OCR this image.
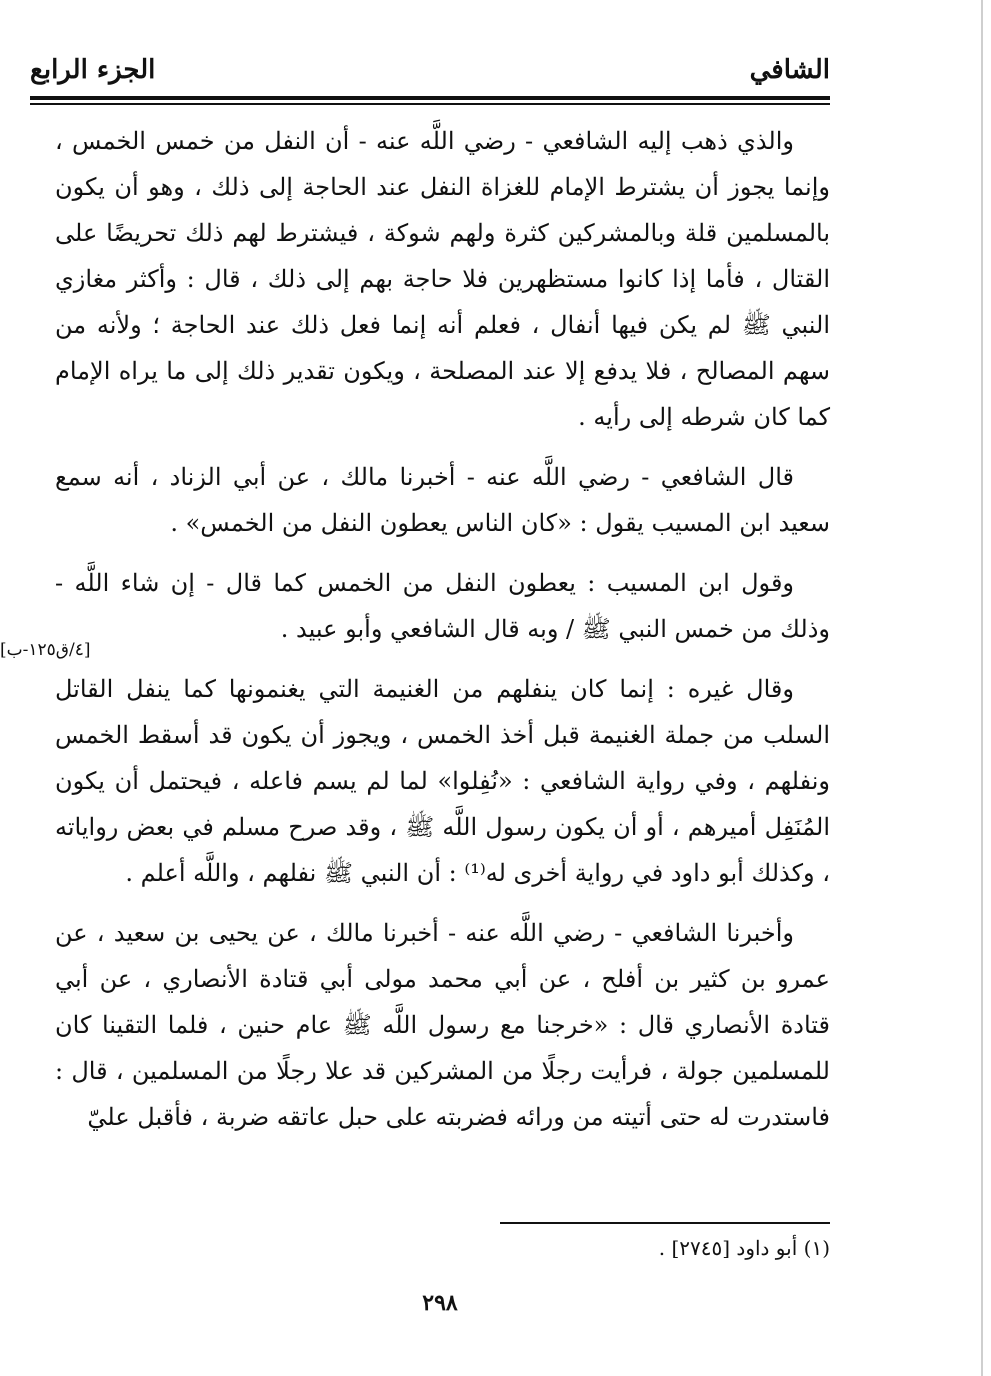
الشافي
الجزء الرابع

والذي ذهب إليه الشافعي - رضي اللَّه عنه - أن النفل من خمس الخمس ، وإنما يجوز أن يشترط الإمام للغزاة النفل عند الحاجة إلى ذلك ، وهو أن يكون بالمسلمين قلة وبالمشركين كثرة ولهم شوكة ، فيشترط لهم ذلك تحريضًا على القتال ، فأما إذا كانوا مستظهرين فلا حاجة بهم إلى ذلك ، قال : وأكثر مغازي النبي ﷺ لم يكن فيها أنفال ، فعلم أنه إنما فعل ذلك عند الحاجة ؛ ولأنه من سهم المصالح ، فلا يدفع إلا عند المصلحة ، ويكون تقدير ذلك إلى ما يراه الإمام كما كان شرطه إلى رأيه .

قال الشافعي - رضي اللَّه عنه - أخبرنا مالك ، عن أبي الزناد ، أنه سمع سعيد ابن المسيب يقول : «كان الناس يعطون النفل من الخمس» .

وقول ابن المسيب : يعطون النفل من الخمس كما قال - إن شاء اللَّه - وذلك من خمس النبي ﷺ / وبه قال الشافعي وأبو عبيد .

وقال غيره : إنما كان ينفلهم من الغنيمة التي يغنمونها كما ينفل القاتل السلب من جملة الغنيمة قبل أخذ الخمس ، ويجوز أن يكون قد أسقط الخمس ونفلهم ، وفي رواية الشافعي : «نُفِلوا» لما لم يسم فاعله ، فيحتمل أن يكون المُنَفِل أميرهم ، أو أن يكون رسول اللَّه ﷺ ، وقد صرح مسلم في بعض رواياته ، وكذلك أبو داود في رواية أخرى له⁽¹⁾ : أن النبي ﷺ نفلهم ، واللَّه أعلم .

وأخبرنا الشافعي - رضي اللَّه عنه - أخبرنا مالك ، عن يحيى بن سعيد ، عن عمرو بن كثير بن أفلح ، عن أبي محمد مولى أبي قتادة الأنصاري ، عن أبي قتادة الأنصاري قال : «خرجنا مع رسول اللَّه ﷺ عام حنين ، فلما التقينا كان للمسلمين جولة ، فرأيت رجلًا من المشركين قد علا رجلًا من المسلمين ، قال : فاستدرت له حتى أتيته من ورائه فضربته على حبل عاتقه ضربة ، فأقبل عليّ

[٤/ق١٢٥-ب]
(١) أبو داود [٢٧٤٥] .
٢٩٨
